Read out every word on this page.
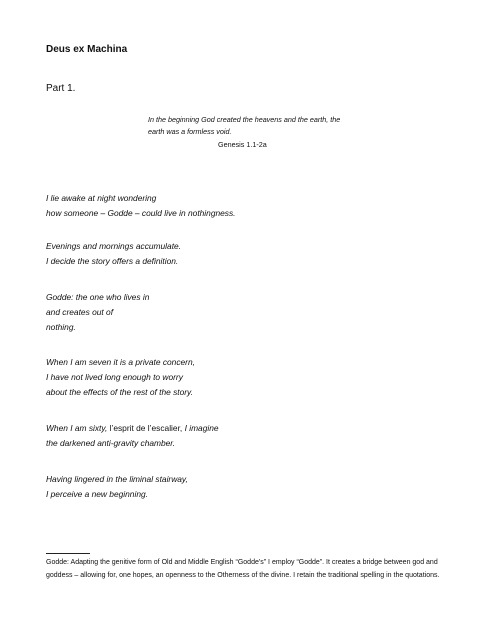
Deus ex Machina
Part 1.
In the beginning God created the heavens and the earth, the
earth was a formless void.
Genesis 1.1-2a
I lie awake at night wondering
how someone – Godde – could live in nothingness.
Evenings and mornings accumulate.
I decide the story offers a definition.
Godde: the one who lives in
and creates out of
nothing.
When I am seven it is a private concern,
I have not lived long enough to worry
about the effects of the rest of the story.
When I am sixty, l’esprit de l’escalier, I imagine
the darkened anti-gravity chamber.
Having lingered in the liminal stairway,
I perceive a new beginning.
Godde: Adapting the genitive form of Old and Middle English “Godde’s” I employ “Godde”. It creates a bridge between god and goddess – allowing for, one hopes, an openness to the Otherness of the divine. I retain the traditional spelling in the quotations.
